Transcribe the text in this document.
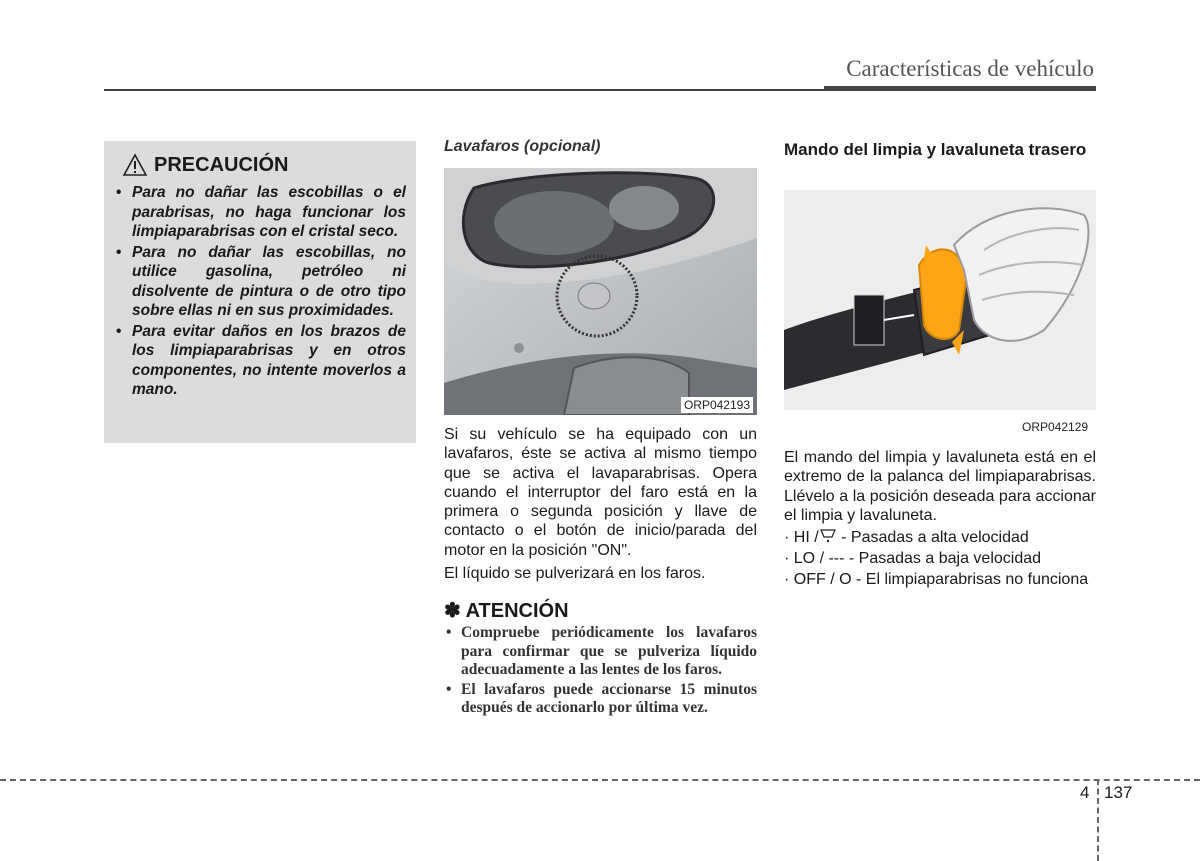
Características de vehículo
PRECAUCIÓN
• Para no dañar las escobillas o el parabrisas, no haga funcionar los limpiaparabrisas con el cristal seco.
• Para no dañar las escobillas, no utilice gasolina, petróleo ni disolvente de pintura o de otro tipo sobre ellas ni en sus proximidades.
• Para evitar daños en los brazos de los limpiaparabrisas y en otros componentes, no intente moverlos a mano.
Lavafaros (opcional)
ORP042193

Si su vehículo se ha equipado con un lavafaros, éste se activa al mismo tiempo que se activa el lavaparabrisas. Opera cuando el interruptor del faro está en la primera o segunda posición y llave de contacto o el botón de inicio/parada del motor en la posición "ON".

El líquido se pulverizará en los faros.

✽ ATENCIÓN
• Compruebe periódicamente los lavafaros para confirmar que se pulveriza líquido adecuadamente a las lentes de los faros.
• El lavafaros puede accionarse 15 minutos después de accionarlo por última vez.
Mando del limpia y lavaluneta trasero
ORP042129

El mando del limpia y lavaluneta está en el extremo de la palanca del limpiaparabrisas. Llévelo a la posición deseada para accionar el limpia y lavaluneta.

· HI / - Pasadas a alta velocidad
· LO / --- - Pasadas a baja velocidad
· OFF / O - El limpiaparabrisas no funciona
4 137
